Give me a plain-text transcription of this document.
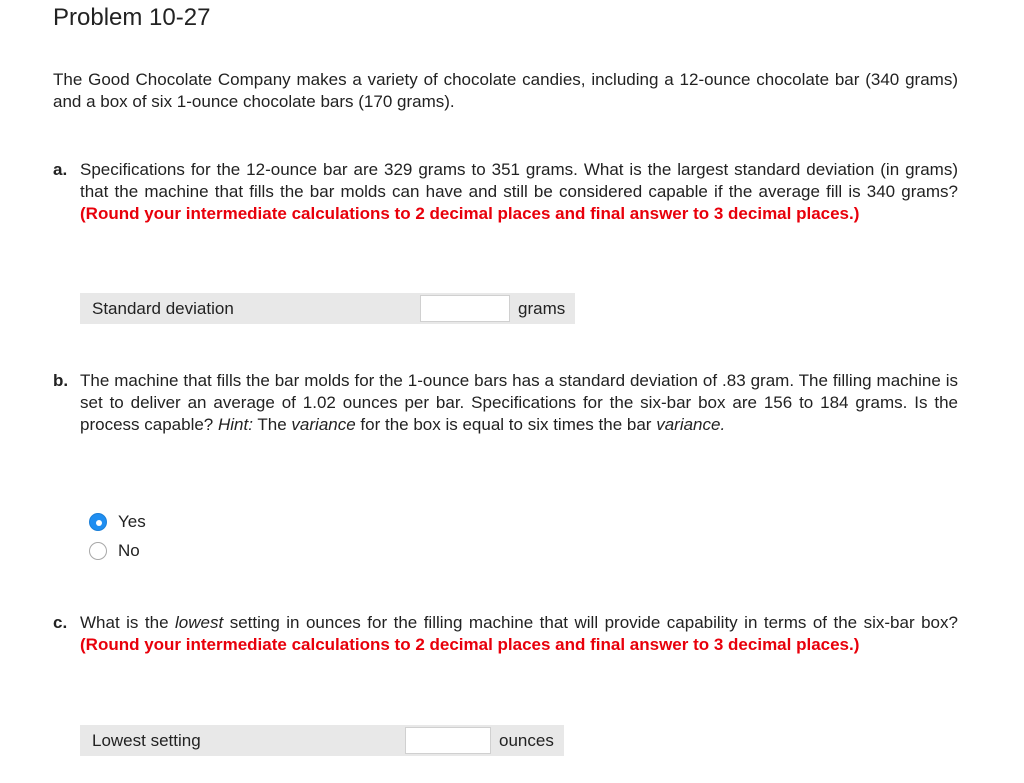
Problem 10-27
The Good Chocolate Company makes a variety of chocolate candies, including a 12-ounce chocolate bar (340 grams) and a box of six 1-ounce chocolate bars (170 grams).
a. Specifications for the 12-ounce bar are 329 grams to 351 grams. What is the largest standard deviation (in grams) that the machine that fills the bar molds can have and still be considered capable if the average fill is 340 grams? (Round your intermediate calculations to 2 decimal places and final answer to 3 decimal places.)
Standard deviation	grams
b. The machine that fills the bar molds for the 1-ounce bars has a standard deviation of .83 gram. The filling machine is set to deliver an average of 1.02 ounces per bar. Specifications for the six-bar box are 156 to 184 grams. Is the process capable? Hint: The variance for the box is equal to six times the bar variance.
Yes
No
c. What is the lowest setting in ounces for the filling machine that will provide capability in terms of the six-bar box? (Round your intermediate calculations to 2 decimal places and final answer to 3 decimal places.)
Lowest setting	ounces
